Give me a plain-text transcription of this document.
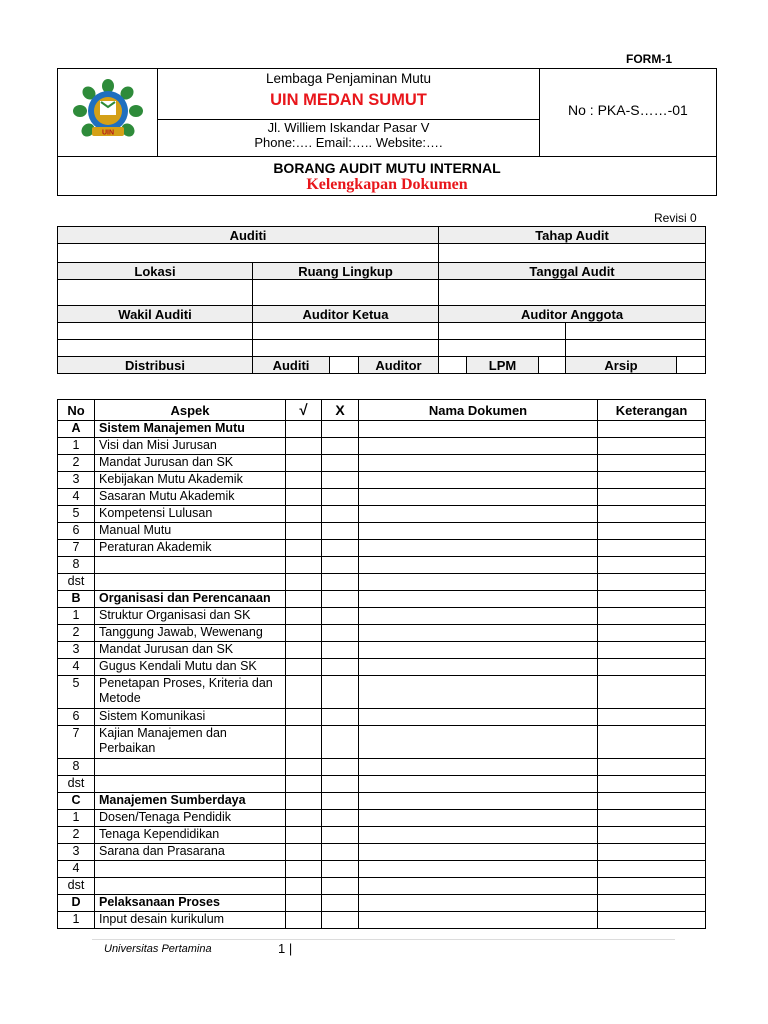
FORM-1
UIN
Lembaga Penjaminan Mutu
UIN MEDAN SUMUT
Jl. Williem Iskandar Pasar V
Phone:…. Email:….. Website:….
No : PKA-S……-01
BORANG AUDIT MUTU INTERNAL
Kelengkapan Dokumen
Revisi 0
Auditi				Tahap Audit				

Lokasi	Ruang Lingkup			Tanggal Audit				

Wakil Auditi	Auditor Ketua			Auditor Anggota				

Distribusi	Auditi		Auditor		LPM		Arsip	
No	Aspek	√	X	Nama Dokumen	Keterangan
A	Sistem Manajemen Mutu				
1	Visi dan Misi Jurusan				
2	Mandat Jurusan dan SK				
3	Kebijakan Mutu Akademik				
4	Sasaran Mutu Akademik				
5	Kompetensi Lulusan				
6	Manual Mutu				
7	Peraturan Akademik				
8					
dst					
B	Organisasi dan Perencanaan				
1	Struktur Organisasi dan SK				
2	Tanggung Jawab, Wewenang				
3	Mandat Jurusan dan SK				
4	Gugus Kendali Mutu dan SK				
5	Penetapan Proses, Kriteria dan Metode				
6	Sistem Komunikasi				
7	Kajian Manajemen dan Perbaikan				
8					
dst					
C	Manajemen Sumberdaya				
1	Dosen/Tenaga Pendidik				
2	Tenaga Kependidikan				
3	Sarana dan Prasarana				
4					
dst					
D	Pelaksanaan Proses				
1	Input desain kurikulum				
Universitas Pertamina	1 |
